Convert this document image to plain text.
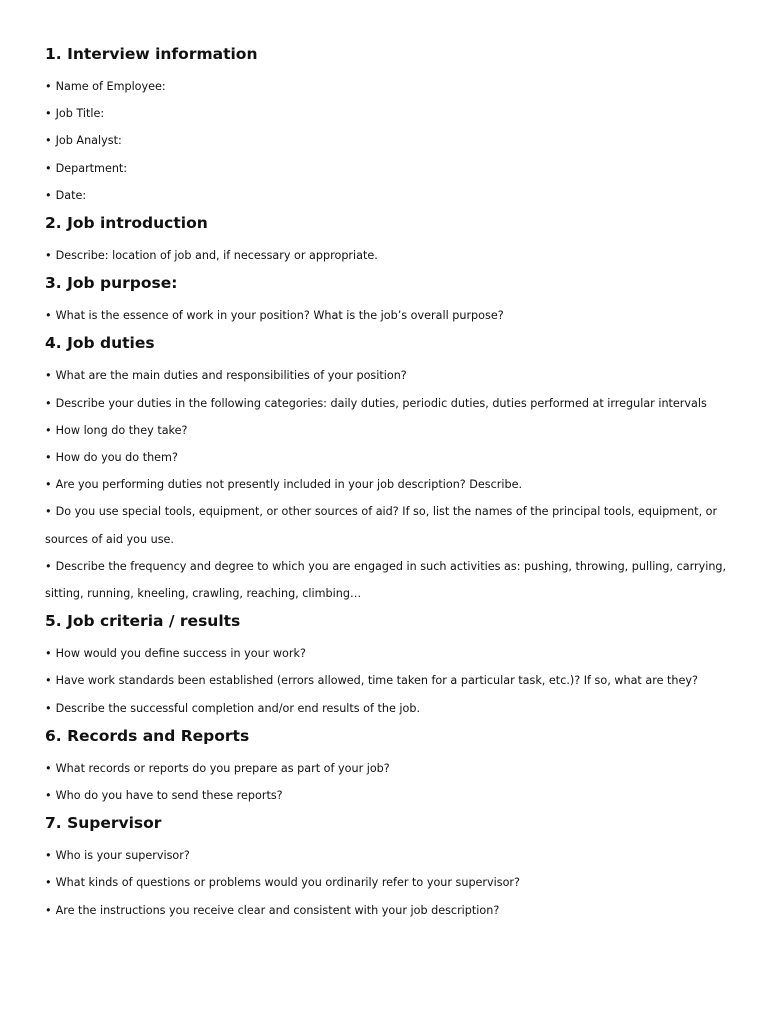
1. Interview information
• Name of Employee:
• Job Title:
• Job Analyst:
• Department:
• Date:
2. Job introduction
• Describe: location of job and, if necessary or appropriate.
3. Job purpose:
• What is the essence of work in your position? What is the job’s overall purpose?
4. Job duties
• What are the main duties and responsibilities of your position?
• Describe your duties in the following categories: daily duties, periodic duties, duties performed at irregular intervals
• How long do they take?
• How do you do them?
• Are you performing duties not presently included in your job description? Describe.
• Do you use special tools, equipment, or other sources of aid? If so, list the names of the principal tools, equipment, or sources of aid you use.
• Describe the frequency and degree to which you are engaged in such activities as: pushing, throwing, pulling, carrying, sitting, running, kneeling, crawling, reaching, climbing…
5. Job criteria / results
• How would you define success in your work?
• Have work standards been established (errors allowed, time taken for a particular task, etc.)? If so, what are they?
• Describe the successful completion and/or end results of the job.
6. Records and Reports
• What records or reports do you prepare as part of your job?
• Who do you have to send these reports?
7. Supervisor
• Who is your supervisor?
• What kinds of questions or problems would you ordinarily refer to your supervisor?
• Are the instructions you receive clear and consistent with your job description?
